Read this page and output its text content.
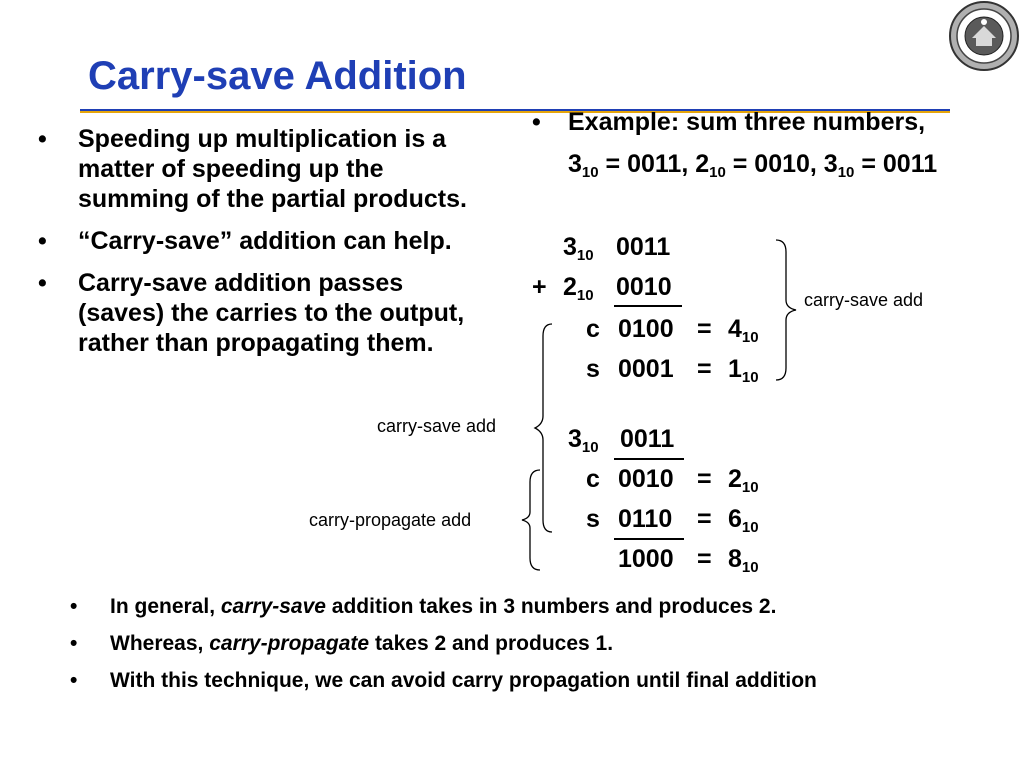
Carry-save Addition
• Speeding up multiplication is a matter of speeding up the summing of the partial products.
• “Carry-save” addition can help.
• Carry-save addition passes (saves) the carries to the output, rather than propagating them.
• Example: sum three numbers,
$3_{10} = 0011$, $2_{10} = 0010$, $3_{10} = 0011$
$3_{10}$ 0011
+ $2_{10}$ 0010
c $0100 = 4_{10}$
s $0001 = 1_{10}$
$3_{10}$ 0011
c $0010 = 2_{10}$
s $0110 = 6_{10}$
$1000 = 8_{10}$
carry-save add
carry-save add
carry-propagate add
• In general, carry-save addition takes in 3 numbers and produces 2.
• Whereas, carry-propagate takes 2 and produces 1.
• With this technique, we can avoid carry propagation until final addition
